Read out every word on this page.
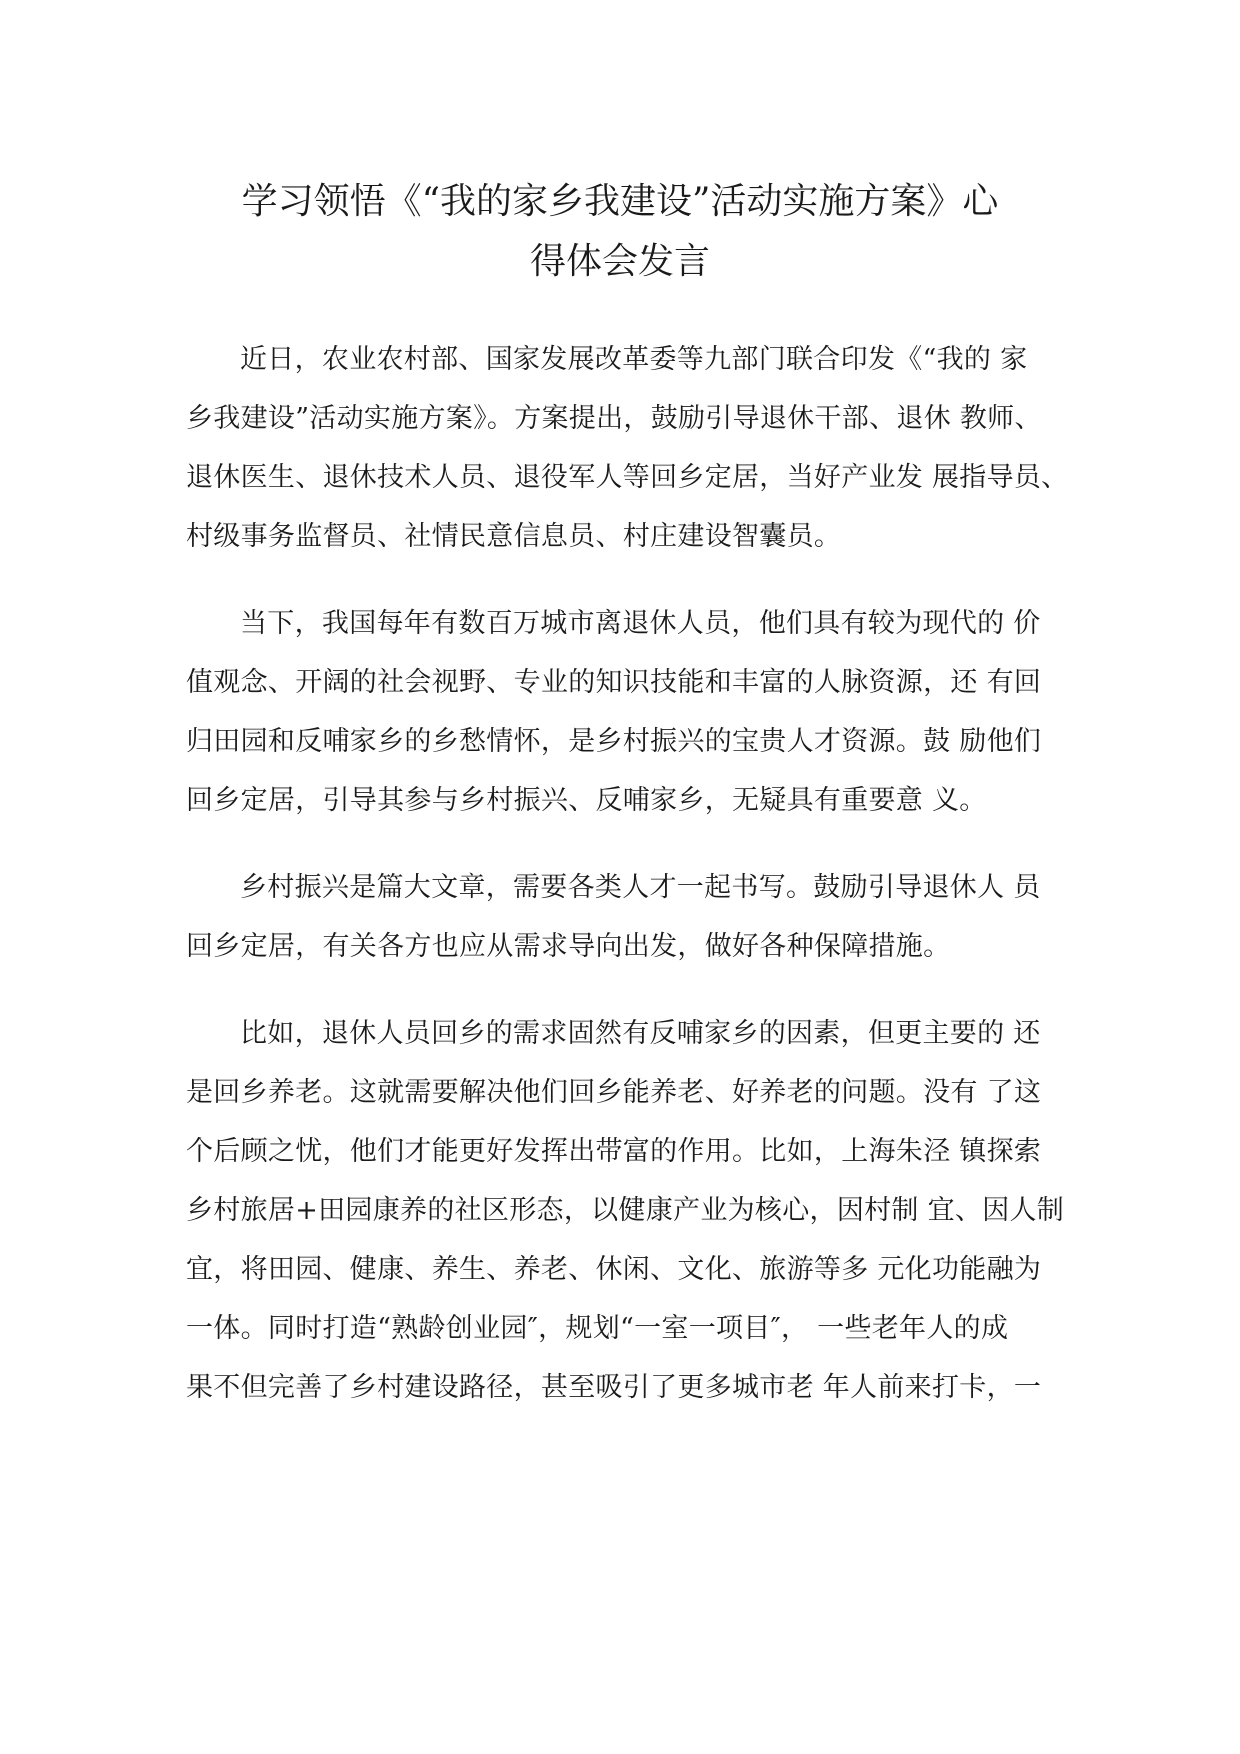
学习领悟《“我的家乡我建设”活动实施方案》心
得体会发言

近日，农业农村部、国家发展改革委等九部门联合印发《“我的 家
乡我建设”活动实施方案》。方案提出，鼓励引导退休干部、退休 教师、
退休医生、退休技术人员、退役军人等回乡定居，当好产业发 展指导员、
村级事务监督员、社情民意信息员、村庄建设智囊员。

当下，我国每年有数百万城市离退休人员，他们具有较为现代的 价
值观念、开阔的社会视野、专业的知识技能和丰富的人脉资源，还 有回
归田园和反哺家乡的乡愁情怀，是乡村振兴的宝贵人才资源。鼓 励他们
回乡定居，引导其参与乡村振兴、反哺家乡，无疑具有重要意 义。

乡村振兴是篇大文章，需要各类人才一起书写。鼓励引导退休人 员
回乡定居，有关各方也应从需求导向出发，做好各种保障措施。

比如，退休人员回乡的需求固然有反哺家乡的因素，但更主要的 还
是回乡养老。这就需要解决他们回乡能养老、好养老的问题。没有 了这
个后顾之忧，他们才能更好发挥出带富的作用。比如，上海朱泾 镇探索
乡村旅居+田园康养的社区形态，以健康产业为核心，因村制 宜、因人制
宜，将田园、健康、养生、养老、休闲、文化、旅游等多 元化功能融为
一体。同时打造“熟龄创业园″，规划“一室一项目″， 一些老年人的成
果不但完善了乡村建设路径，甚至吸引了更多城市老 年人前来打卡，一
